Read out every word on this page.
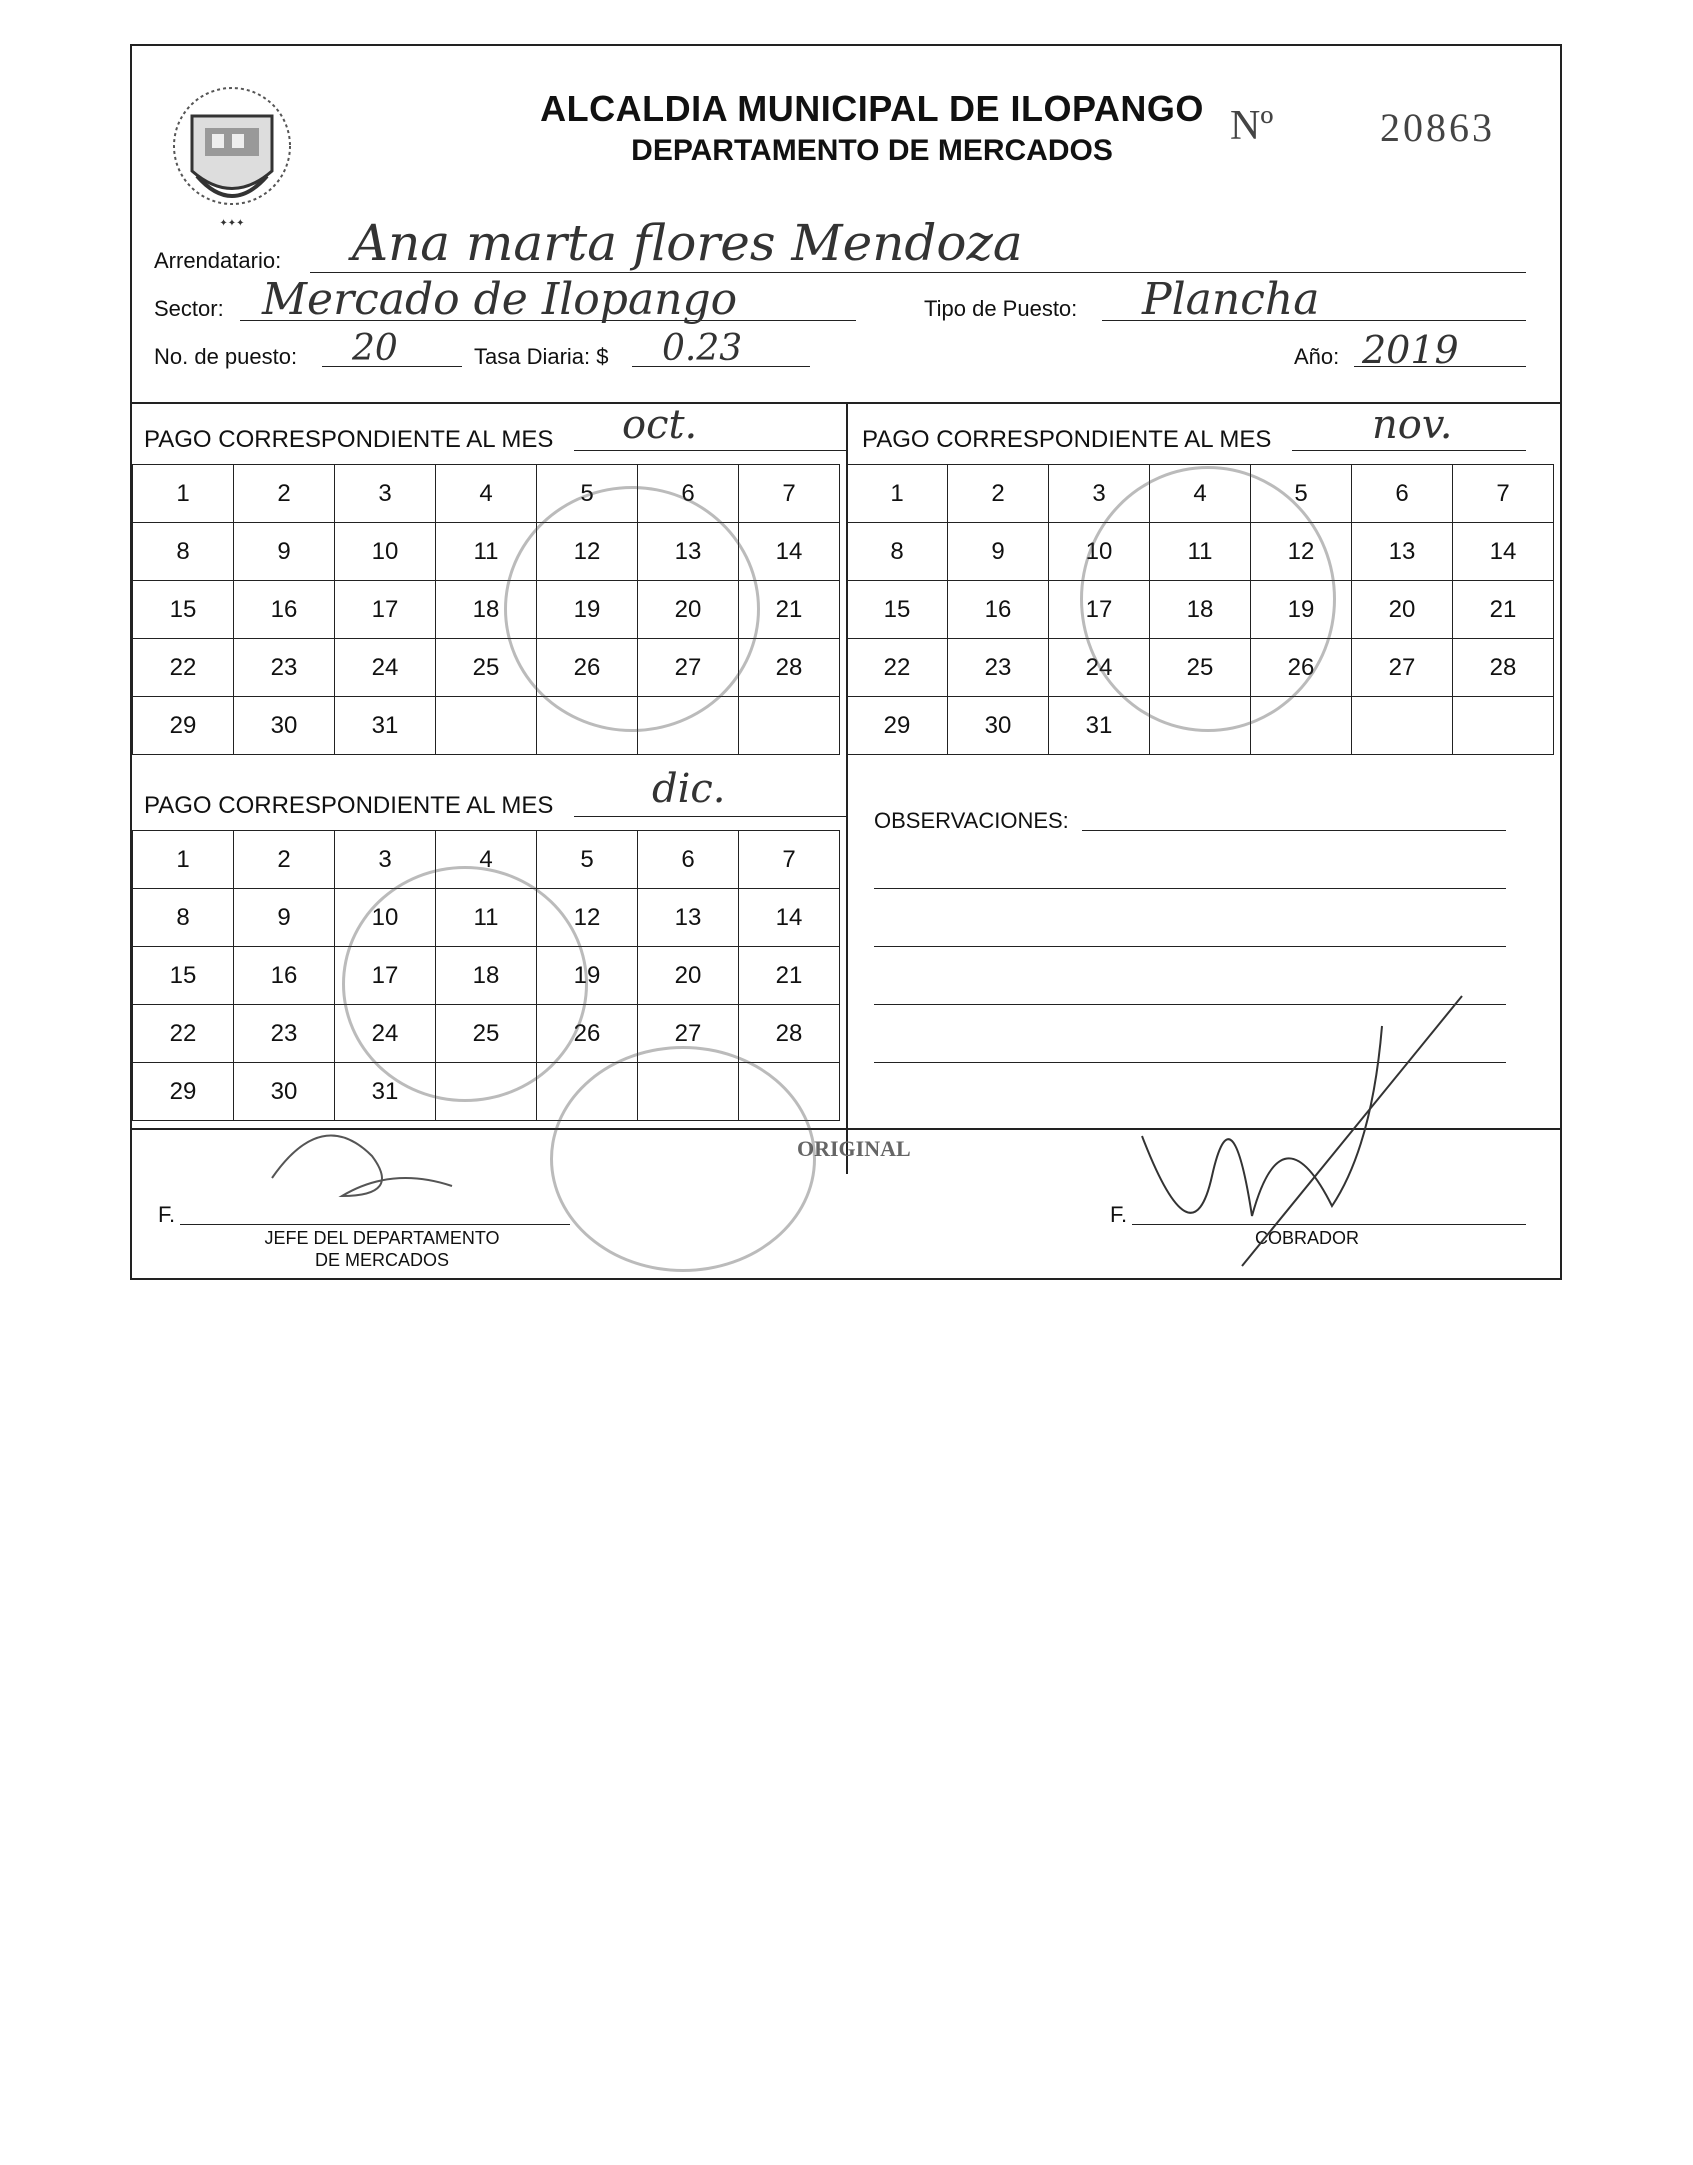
✦✦✦
ALCALDIA MUNICIPAL DE ILOPANGO
DEPARTAMENTO DE MERCADOS
Nº	20863
Arrendatario: Ana marta flores Mendoza
Sector: Mercado de Ilopango	Tipo de Puesto: Plancha
No. de puesto: 20	Tasa Diaria: $ 0.23	Año: 2019
PAGO CORRESPONDIENTE AL MES oct.
1	2	3	4	5	6	7
8	9	10	11	12	13	14
15	16	17	18	19	20	21
22	23	24	25	26	27	28
29	30	31				
PAGO CORRESPONDIENTE AL MES	nov.
1	2	3	4	5	6	7
8	9	10	11	12	13	14
15	16	17	18	19	20	21
22	23	24	25	26	27	28
29	30	31				
PAGO CORRESPONDIENTE AL MES dic.
1	2	3	4	5	6	7
8	9	10	11	12	13	14
15	16	17	18	19	20	21
22	23	24	25	26	27	28
29	30	31				
OBSERVACIONES:
ORIGINAL
F.
JEFE DEL DEPARTAMENTO
DE MERCADOS
F.
COBRADOR
